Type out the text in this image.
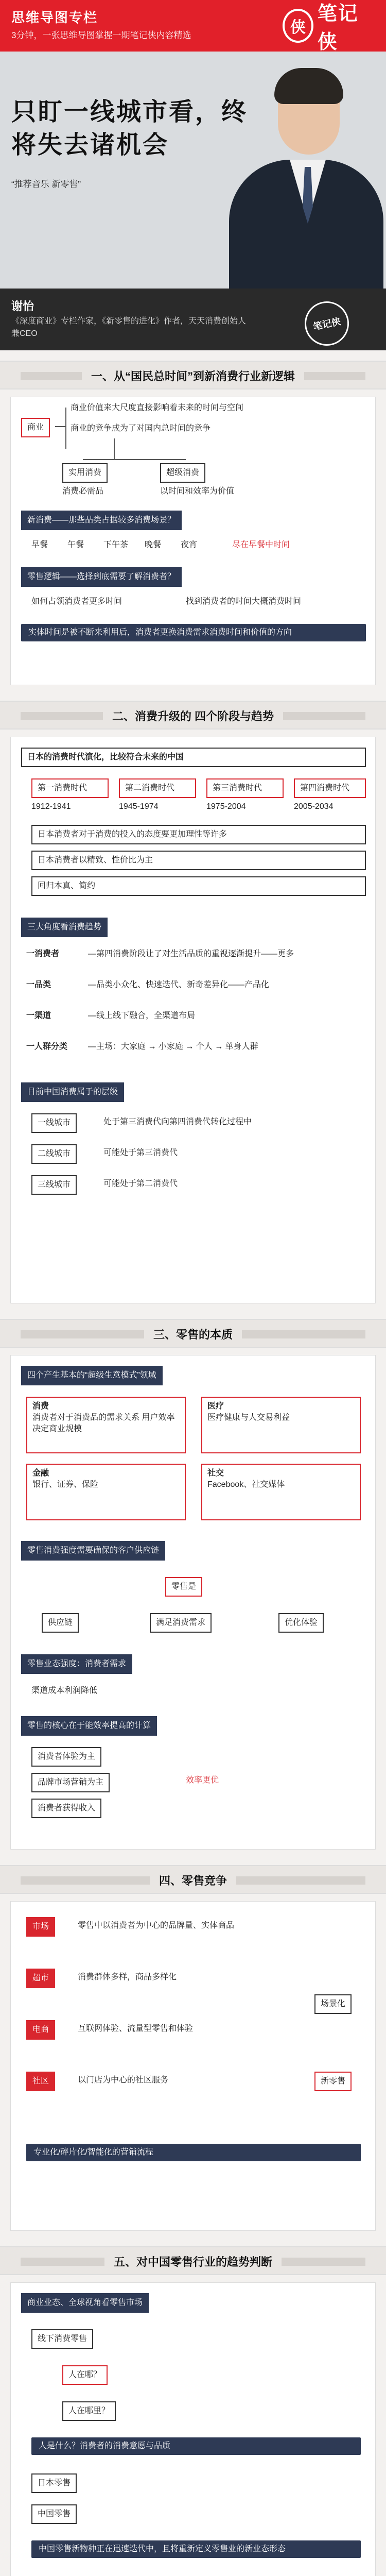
思维导图专栏
3分钟，一张思维导图掌握一期笔记侠内容精选	侠
笔记侠
只盯一线城市看，终将失去诸机会
“推荐音乐 新零售”
谢怡
《深度商业》专栏作家，《新零售的进化》作者，天天消费创始人兼CEO
笔记侠
一、从“国民总时间”到新消费行业新逻辑
商业
商业价值来大尺度直接影响着未来的时间与空间
商业的竞争成为了对国内总时间的竞争
实用消费	超级消费
消费必需品	以时间和效率为价值
新消费——那些品类占据较多消费场景？
早餐 午餐 下午茶 晚餐 夜宵	尽在早餐中时间
零售逻辑——选择到底需要了解消费者？
如何占领消费者更多时间	找到消费者的时间大概消费时间
实体时间是被不断来利用后，消费者更换消费需求消费时间和价值的方向
二、消费升级的 四个阶段与趋势
日本的消费时代演化，比较符合未来的中国
第一消费时代	第二消费时代	第三消费时代	第四消费时代
1912-1941	1945-1974	1975-2004	2005-2034
日本消费者对于消费的投入的态度要更加理性等许多
日本消费者以精致、性价比为主
回归本真、简约
三大角度看消费趋势
一消费者	—第四消费阶段让了对生活品质的重视逐渐提升——更多
一品类	—品类小众化、快速迭代、新奇差异化——产品化
一渠道	—线上线下融合，全渠道布局
一人群分类 —主场：大家庭 → 小家庭 → 个人 → 单身人群
目前中国消费属于的层级
一线城市	处于第三消费代向第四消费代转化过程中
二线城市	可能处于第三消费代
三线城市	可能处于第二消费代
三、零售的本质
四个产生基本的“超级生意模式”领域
消费
消费者对于消费品的需求关系 用户效率决定商业规模
医疗
医疗健康与人交易利益
金融
银行、证券、保险
社交
Facebook、社交媒体
零售消费强度需要确保的客户供应链
零售是
供应链	满足消费需求	优化体验
零售业态强度：消费者需求
渠道成本利润降低
零售的核心在于能效率提高的计算
消费者体验为主
品牌市场营销为主
消费者获得收入
效率更优
四、零售竞争
市场	零售中以消费者为中心的品牌量、实体商品
超市	消费群体多样，商品多样化
电商	互联网体验、流量型零售和体验
社区	以门店为中心的社区服务
场景化
新零售
专业化/碎片化/智能化的营销流程
五、对中国零售行业的趋势判断
商业业态、全球视角看零售市场
线下消费零售
人在哪？
人在哪里？
人是什么？消费者的消费意愿与品质
日本零售
中国零售
中国零售新物种正在迅速迭代中，且将重新定义零售业的新业态形态
